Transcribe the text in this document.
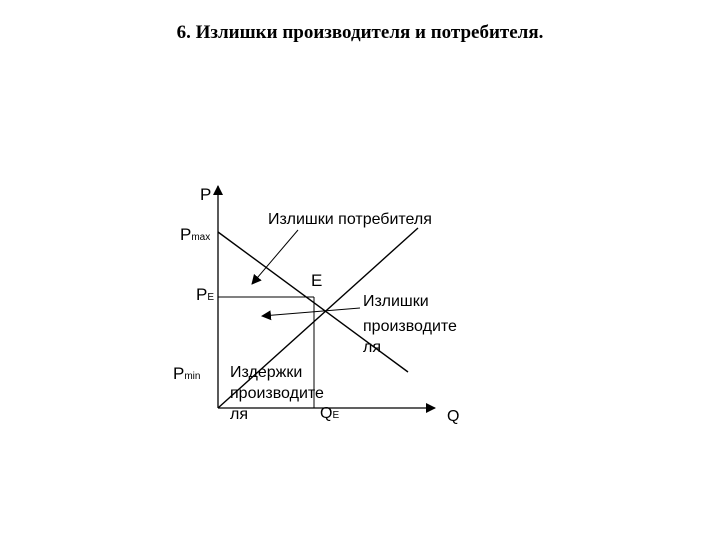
6. Излишки производителя и потребителя.
P
Q
Pmax
PE
Pmin
QE
E
Излишки потребителя
Излишки производите ля
Издержки производите ля
